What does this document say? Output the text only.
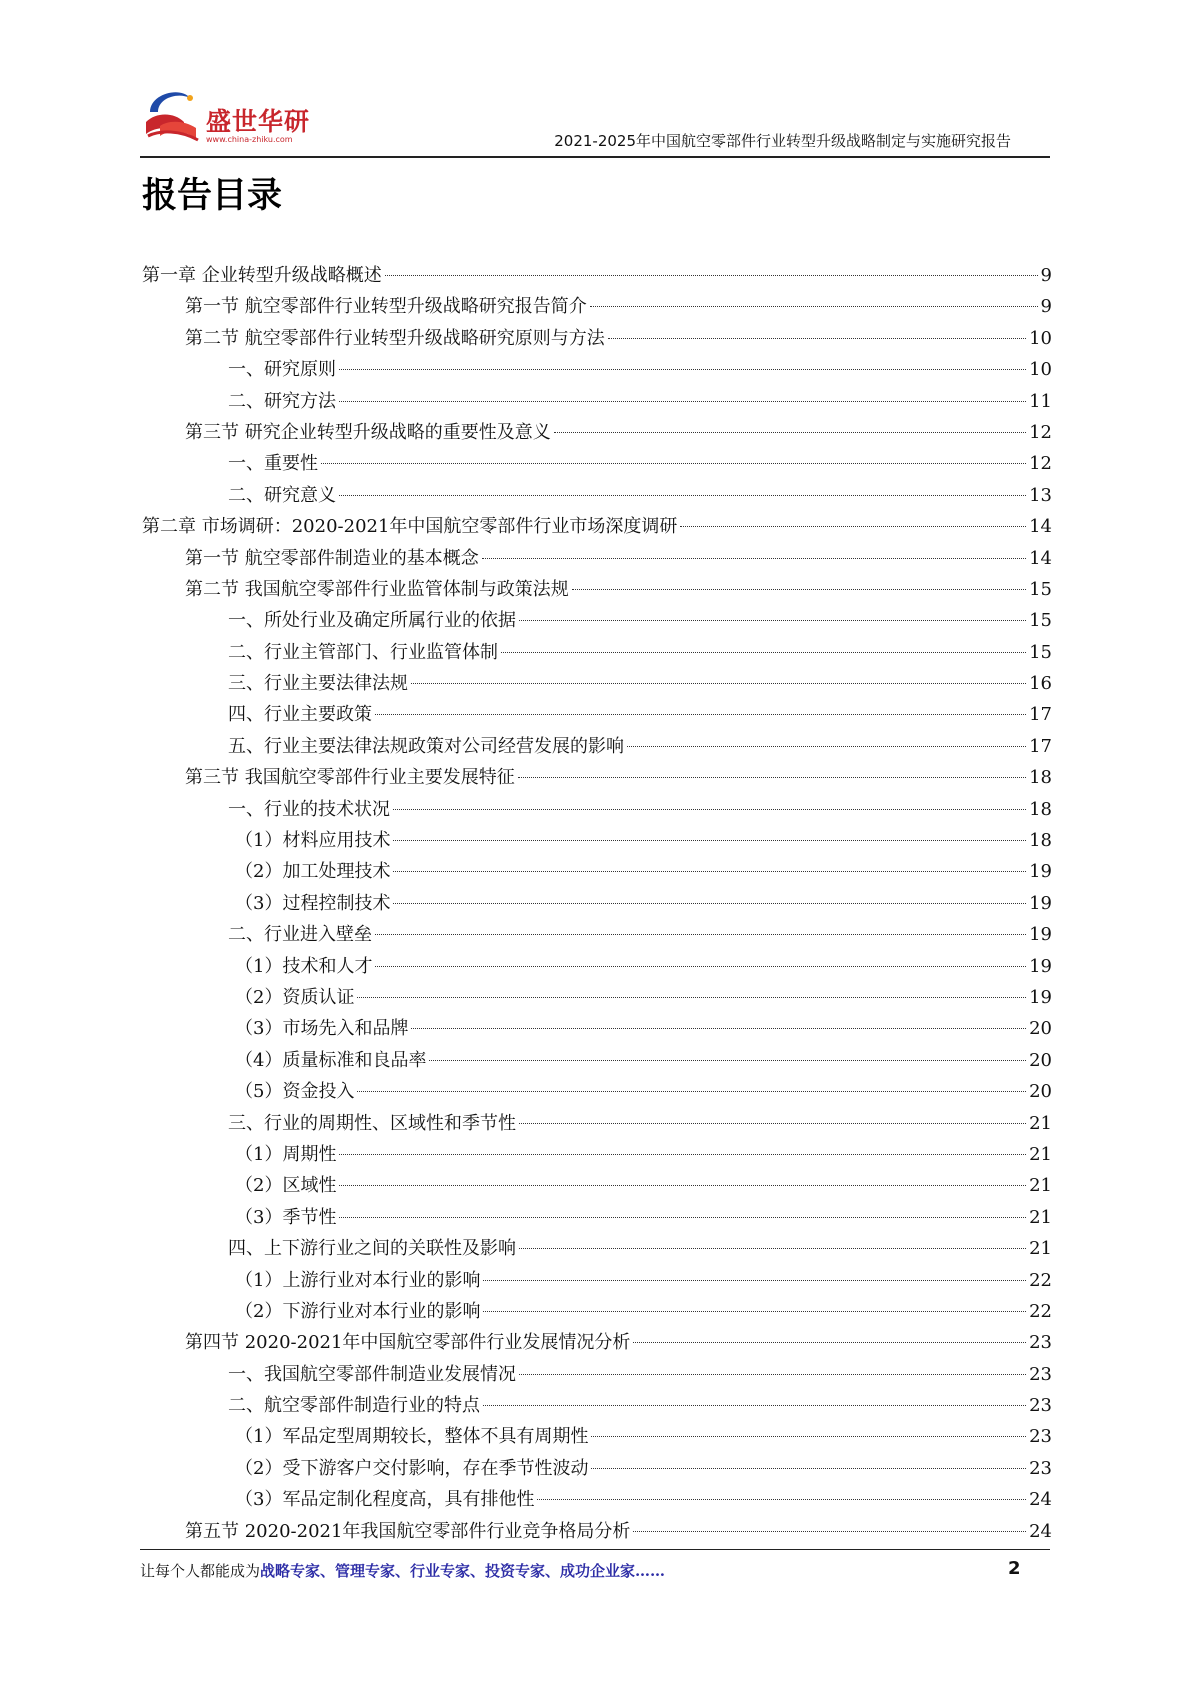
盛世华研
www.china-zhiku.com	2021-2025年中国航空零部件行业转型升级战略制定与实施研究报告
报告目录
第一章 企业转型升级战略概述	9
第一节 航空零部件行业转型升级战略研究报告简介	9
第二节 航空零部件行业转型升级战略研究原则与方法	10
一、研究原则	10
二、研究方法	11
第三节 研究企业转型升级战略的重要性及意义	12
一、重要性	12
二、研究意义	13
第二章 市场调研：2020-2021年中国航空零部件行业市场深度调研	14
第一节 航空零部件制造业的基本概念	14
第二节 我国航空零部件行业监管体制与政策法规	15
一、所处行业及确定所属行业的依据	15
二、行业主管部门、行业监管体制	15
三、行业主要法律法规	16
四、行业主要政策	17
五、行业主要法律法规政策对公司经营发展的影响	17
第三节 我国航空零部件行业主要发展特征	18
一、行业的技术状况	18
（1）材料应用技术	18
（2）加工处理技术	19
（3）过程控制技术	19
二、行业进入壁垒	19
（1）技术和人才	19
（2）资质认证	19
（3）市场先入和品牌	20
（4）质量标准和良品率	20
（5）资金投入	20
三、行业的周期性、区域性和季节性	21
（1）周期性	21
（2）区域性	21
（3）季节性	21
四、上下游行业之间的关联性及影响	21
（1）上游行业对本行业的影响	22
（2）下游行业对本行业的影响	22
第四节 2020-2021年中国航空零部件行业发展情况分析	23
一、我国航空零部件制造业发展情况	23
二、航空零部件制造行业的特点	23
（1）军品定型周期较长，整体不具有周期性	23
（2）受下游客户交付影响，存在季节性波动	23
（3）军品定制化程度高，具有排他性	24
第五节 2020-2021年我国航空零部件行业竞争格局分析	24
让每个人都能成为战略专家、管理专家、行业专家、投资专家、成功企业家……	2
